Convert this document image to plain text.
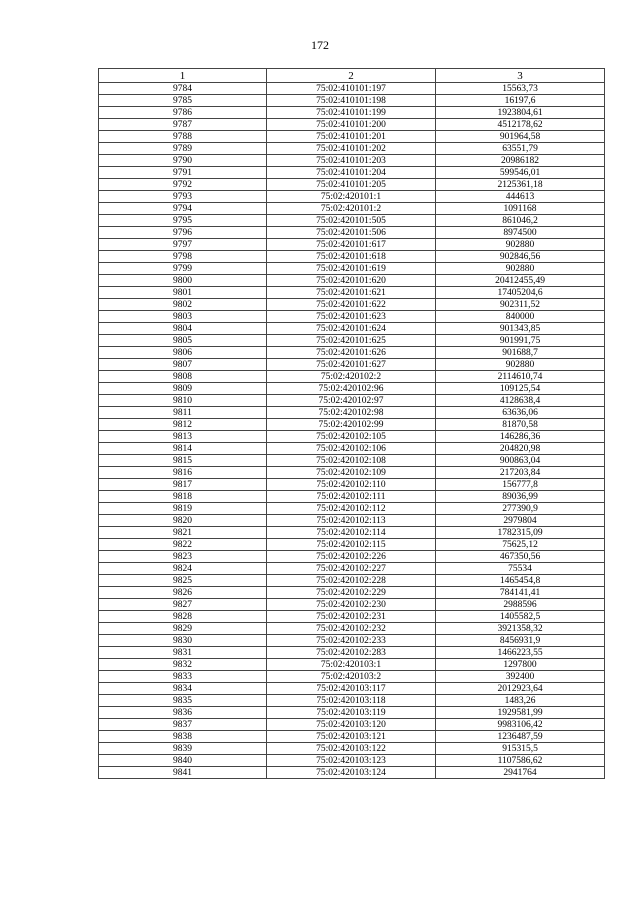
172
1	2	3
9784	75:02:410101:197	15563,73
9785	75:02:410101:198	16197,6
9786	75:02:410101:199	1923804,61
9787	75:02:410101:200	4512178,62
9788	75:02:410101:201	901964,58
9789	75:02:410101:202	63551,79
9790	75:02:410101:203	20986182
9791	75:02:410101:204	599546,01
9792	75:02:410101:205	2125361,18
9793	75:02:420101:1	444613
9794	75:02:420101:2	1091168
9795	75:02:420101:505	861046,2
9796	75:02:420101:506	8974500
9797	75:02:420101:617	902880
9798	75:02:420101:618	902846,56
9799	75:02:420101:619	902880
9800	75:02:420101:620	20412455,49
9801	75:02:420101:621	17405204,6
9802	75:02:420101:622	902311,52
9803	75:02:420101:623	840000
9804	75:02:420101:624	901343,85
9805	75:02:420101:625	901991,75
9806	75:02:420101:626	901688,7
9807	75:02:420101:627	902880
9808	75:02:420102:2	2114610,74
9809	75:02:420102:96	109125,54
9810	75:02:420102:97	4128638,4
9811	75:02:420102:98	63636,06
9812	75:02:420102:99	81870,58
9813	75:02:420102:105	146286,36
9814	75:02:420102:106	204820,98
9815	75:02:420102:108	900863,04
9816	75:02:420102:109	217203,84
9817	75:02:420102:110	156777,8
9818	75:02:420102:111	89036,99
9819	75:02:420102:112	277390,9
9820	75:02:420102:113	2979804
9821	75:02:420102:114	1782315,09
9822	75:02:420102:115	75625,12
9823	75:02:420102:226	467350,56
9824	75:02:420102:227	75534
9825	75:02:420102:228	1465454,8
9826	75:02:420102:229	784141,41
9827	75:02:420102:230	2988596
9828	75:02:420102:231	1405582,5
9829	75:02:420102:232	3921358,32
9830	75:02:420102:233	8456931,9
9831	75:02:420102:283	1466223,55
9832	75:02:420103:1	1297800
9833	75:02:420103:2	392400
9834	75:02:420103:117	2012923,64
9835	75:02:420103:118	1483,26
9836	75:02:420103:119	1929581,99
9837	75:02:420103:120	9983106,42
9838	75:02:420103:121	1236487,59
9839	75:02:420103:122	915315,5
9840	75:02:420103:123	1107586,62
9841	75:02:420103:124	2941764
